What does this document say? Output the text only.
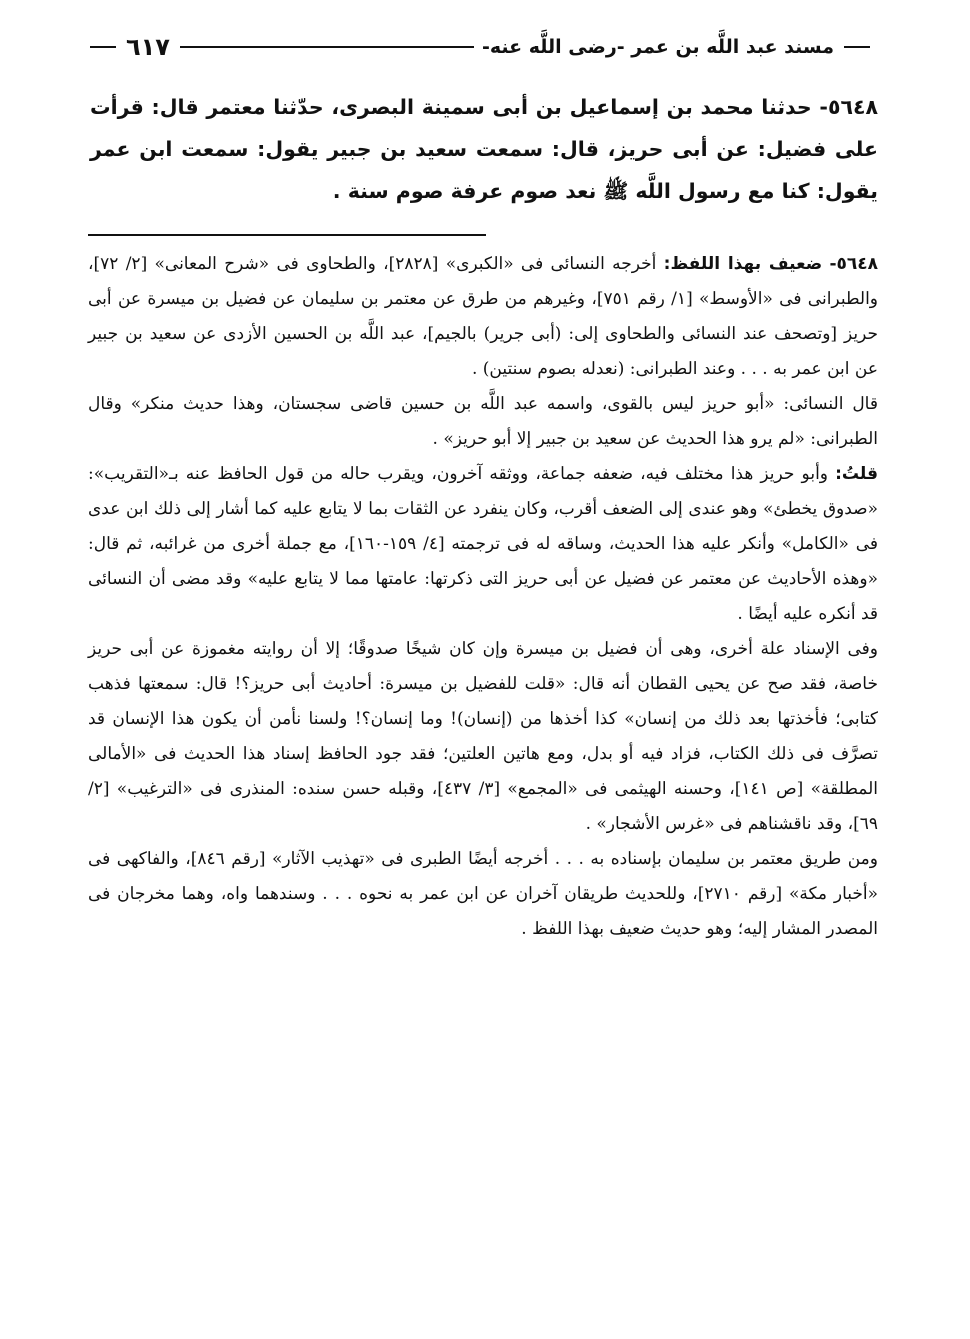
مسند عبد اللَّه بن عمر -رضى اللَّه عنه-
٦١٧
٥٦٤٨- حدثنا محمد بن إسماعيل بن أبى سمينة البصرى، حدّثنا معتمر قال: قرأت على فضيل: عن أبى حريز، قال: سمعت سعيد بن جبير يقول: سمعت ابن عمر يقول: كنا مع رسول اللَّه ﷺ نعد صوم عرفة صوم سنة .

٥٦٤٨- ضعيف بهذا اللفظ: أخرجه النسائى فى «الكبرى» [٢٨٢٨]، والطحاوى فى «شرح المعانى» [٢/ ٧٢]، والطبرانى فى «الأوسط» [١/ رقم ٧٥١]، وغيرهم من طرق عن معتمر بن سليمان عن فضيل بن ميسرة عن أبى حريز [وتصحف عند النسائى والطحاوى إلى: (أبى جرير) بالجيم]، عبد اللَّه بن الحسين الأزدى عن سعيد بن جبير عن ابن عمر به . . . وعند الطبرانى: (نعدله بصوم سنتين) .

قال النسائى: «أبو حريز ليس بالقوى، واسمه عبد اللَّه بن حسين قاضى سجستان، وهذا حديث منكر» وقال الطبرانى: «لم يرو هذا الحديث عن سعيد بن جبير إلا أبو حريز» .

قلتُ: وأبو حريز هذا مختلف فيه، ضعفه جماعة، ووثقه آخرون، ويقرب حاله من قول الحافظ عنه بـ«التقريب»: «صدوق يخطئ» وهو عندى إلى الضعف أقرب، وكان ينفرد عن الثقات بما لا يتابع عليه كما أشار إلى ذلك ابن عدى فى «الكامل» وأنكر عليه هذا الحديث، وساقه له فى ترجمته [٤/ ١٥٩-١٦٠]، مع جملة أخرى من غرائبه، ثم قال: «وهذه الأحاديث عن معتمر عن فضيل عن أبى حريز التى ذكرتها: عامتها مما لا يتابع عليه» وقد مضى أن النسائى قد أنكره عليه أيضًا .

وفى الإسناد علة أخرى، وهى أن فضيل بن ميسرة وإن كان شيخًا صدوقًا؛ إلا أن روايته مغموزة عن أبى حريز خاصة، فقد صح عن يحيى القطان أنه قال: «قلت للفضيل بن ميسرة: أحاديث أبى حريز؟! قال: سمعتها فذهب كتابى؛ فأخذتها بعد ذلك من إنسان» كذا أخذها من (إنسان)! وما إنسان؟! ولسنا نأمن أن يكون هذا الإنسان قد تصرَّف فى ذلك الكتاب، فزاد فيه أو بدل، ومع هاتين العلتين؛ فقد جود الحافظ إسناد هذا الحديث فى «الأمالى المطلقة» [ص ١٤١]، وحسنه الهيثمى فى «المجمع» [٣/ ٤٣٧]، وقبله حسن سنده: المنذرى فى «الترغيب» [٢/ ٦٩]، وقد ناقشناهم فى «غرس الأشجار» .

ومن طريق معتمر بن سليمان بإسناده به . . . أخرجه أيضًا الطبرى فى «تهذيب الآثار» [رقم ٨٤٦]، والفاكهى فى «أخبار مكة» [رقم ٢٧١٠]، وللحديث طريقان آخران عن ابن عمر به نحوه . . . وسندهما واه، وهما مخرجان فى المصدر المشار إليه؛ وهو حديث ضعيف بهذا اللفظ .
